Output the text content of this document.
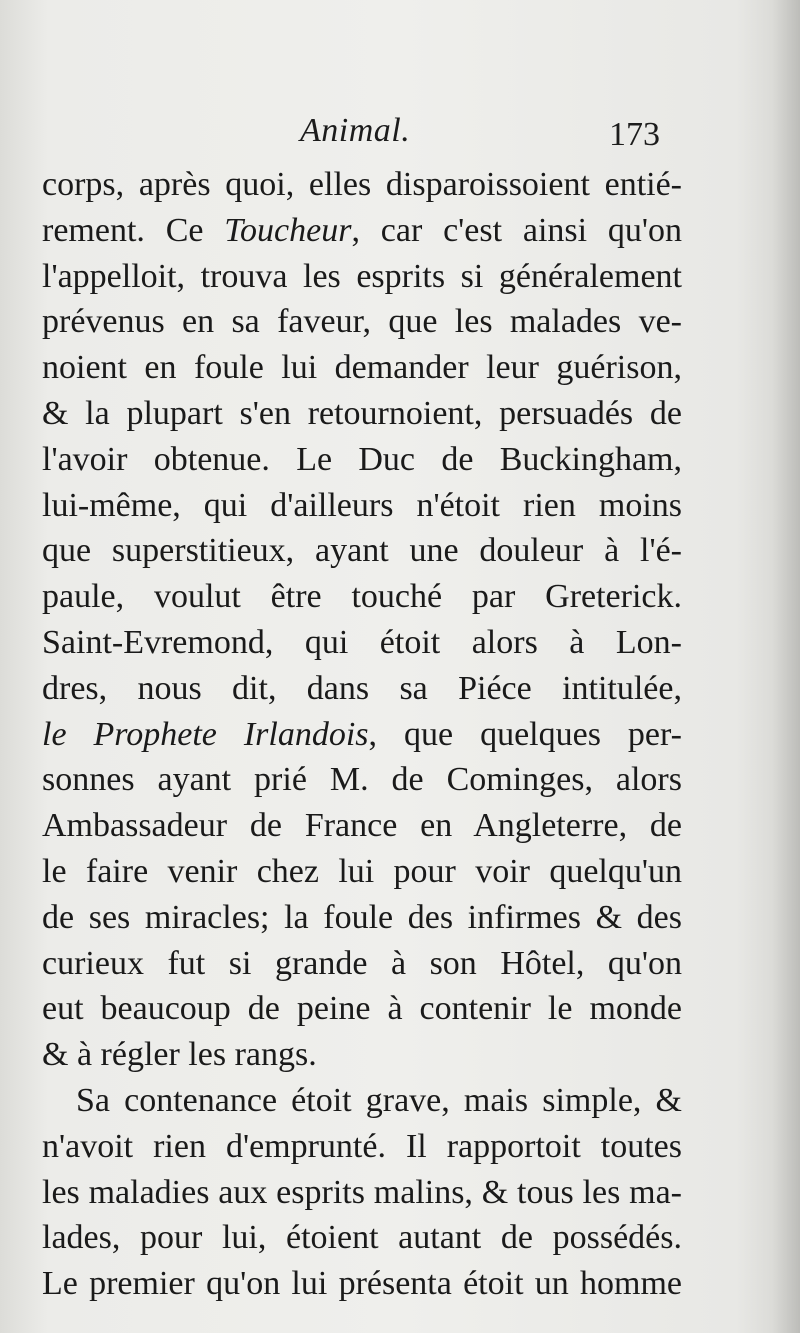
Animal.	173
corps, après quoi, elles disparoissoient entié-
rement. Ce Toucheur, car c'est ainsi qu'on
l'appelloit, trouva les esprits si généralement
prévenus en sa faveur, que les malades ve-
noient en foule lui demander leur guérison,
& la plupart s'en retournoient, persuadés de
l'avoir obtenue. Le Duc de Buckingham,
lui-même, qui d'ailleurs n'étoit rien moins
que superstitieux, ayant une douleur à l'é-
paule, voulut être touché par Greterick.
Saint-Evremond, qui étoit alors à Lon-
dres, nous dit, dans sa Piéce intitulée,
le Prophete Irlandois, que quelques per-
sonnes ayant prié M. de Cominges, alors
Ambassadeur de France en Angleterre, de
le faire venir chez lui pour voir quelqu'un
de ses miracles; la foule des infirmes & des
curieux fut si grande à son Hôtel, qu'on
eut beaucoup de peine à contenir le monde
& à régler les rangs.
Sa contenance étoit grave, mais simple, &
n'avoit rien d'emprunté. Il rapportoit toutes
les maladies aux esprits malins, & tous les ma-
lades, pour lui, étoient autant de possédés.
Le premier qu'on lui présenta étoit un homme
